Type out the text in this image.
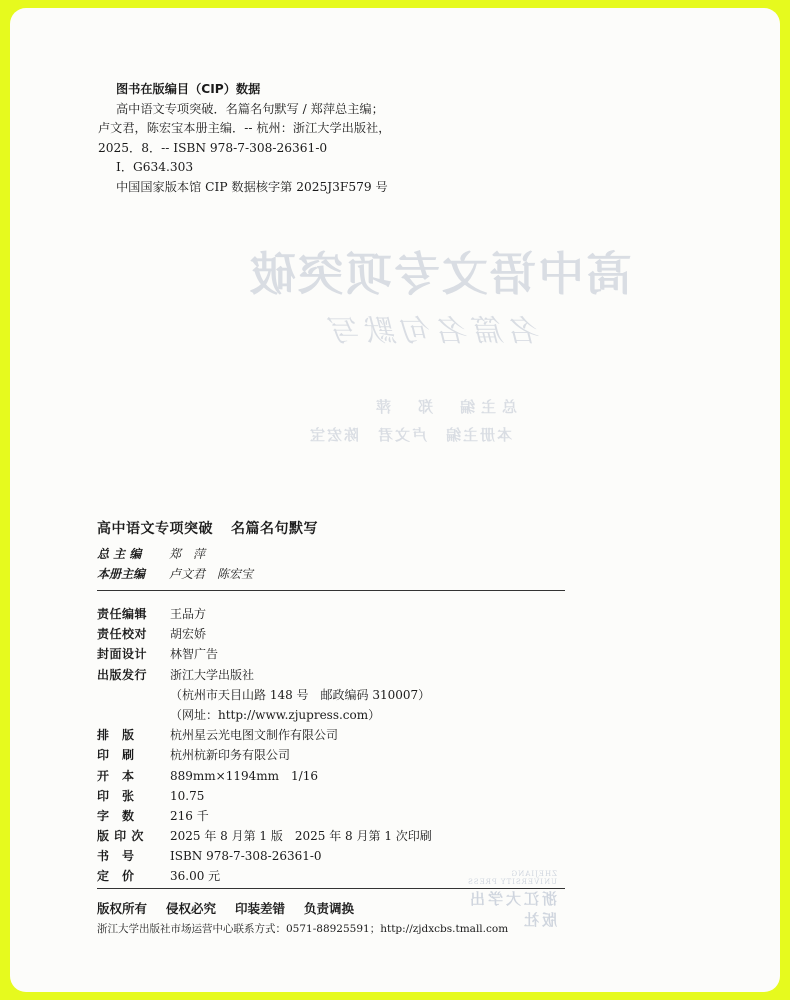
高中语文专项突破
名篇名句默写
总主编　郑　萍
本册主编　卢文君　陈宏宝
ZHEJIANG UNIVERSITY PRESS
浙江大学出版社
图书在版编目（CIP）数据
高中语文专项突破．名篇名句默写 / 郑萍总主编；
卢文君，陈宏宝本册主编．-- 杭州：浙江大学出版社，
2025．8．-- ISBN 978-7-308-26361-0
Ⅰ．G634.303
中国国家版本馆 CIP 数据核字第 2025J3F579 号
高中语文专项突破 名篇名句默写
总 主 编 郑　萍
本册主编 卢文君　陈宏宝
责任编辑 王品方
责任校对 胡宏娇
封面设计 林智广告
出版发行 浙江大学出版社
（杭州市天目山路 148 号　邮政编码 310007）
（网址：http://www.zjupress.com）
排版 杭州星云光电图文制作有限公司
印刷 杭州杭新印务有限公司
开本 889mm×1194mm　1/16
印张 10.75
字数 216 千
版 印 次 2025 年 8 月第 1 版　2025 年 8 月第 1 次印刷
书号 ISBN 978-7-308-26361-0
定价 36.00 元
版权所有 侵权必究 印装差错 负责调换
浙江大学出版社市场运营中心联系方式：0571-88925591；http://zjdxcbs.tmall.com
